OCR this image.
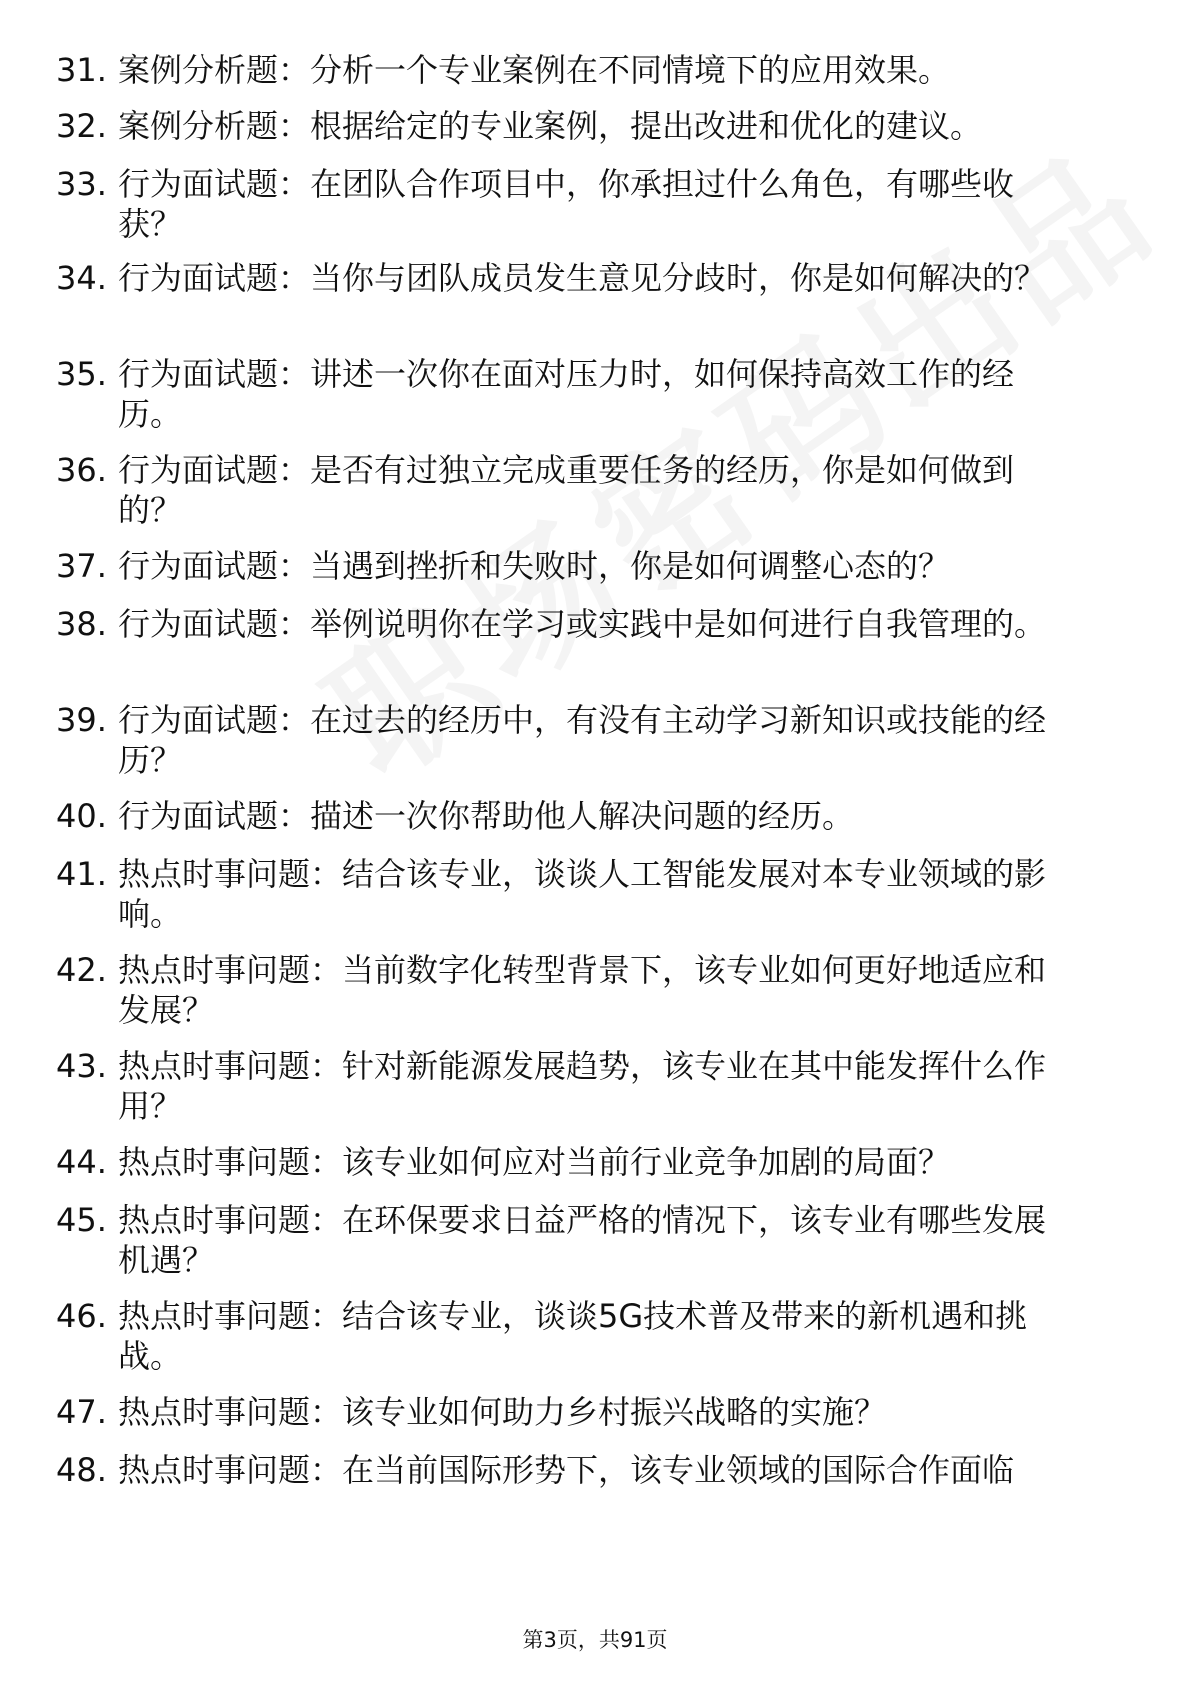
31. 案例分析题：分析一个专业案例在不同情境下的应用效果。
32. 案例分析题：根据给定的专业案例，提出改进和优化的建议。
33. 行为面试题：在团队合作项目中，你承担过什么角色，有哪些收获？
34. 行为面试题：当你与团队成员发生意见分歧时，你是如何解决的？
35. 行为面试题：讲述一次你在面对压力时，如何保持高效工作的经历。
36. 行为面试题：是否有过独立完成重要任务的经历，你是如何做到的？
37. 行为面试题：当遇到挫折和失败时，你是如何调整心态的？
38. 行为面试题：举例说明你在学习或实践中是如何进行自我管理的。
39. 行为面试题：在过去的经历中，有没有主动学习新知识或技能的经历？
40. 行为面试题：描述一次你帮助他人解决问题的经历。
41. 热点时事问题：结合该专业，谈谈人工智能发展对本专业领域的影响。
42. 热点时事问题：当前数字化转型背景下，该专业如何更好地适应和发展？
43. 热点时事问题：针对新能源发展趋势，该专业在其中能发挥什么作用？
44. 热点时事问题：该专业如何应对当前行业竞争加剧的局面？
45. 热点时事问题：在环保要求日益严格的情况下，该专业有哪些发展机遇？
46. 热点时事问题：结合该专业，谈谈5G技术普及带来的新机遇和挑战。
47. 热点时事问题：该专业如何助力乡村振兴战略的实施？
48. 热点时事问题：在当前国际形势下，该专业领域的国际合作面临
第3页，共91页
